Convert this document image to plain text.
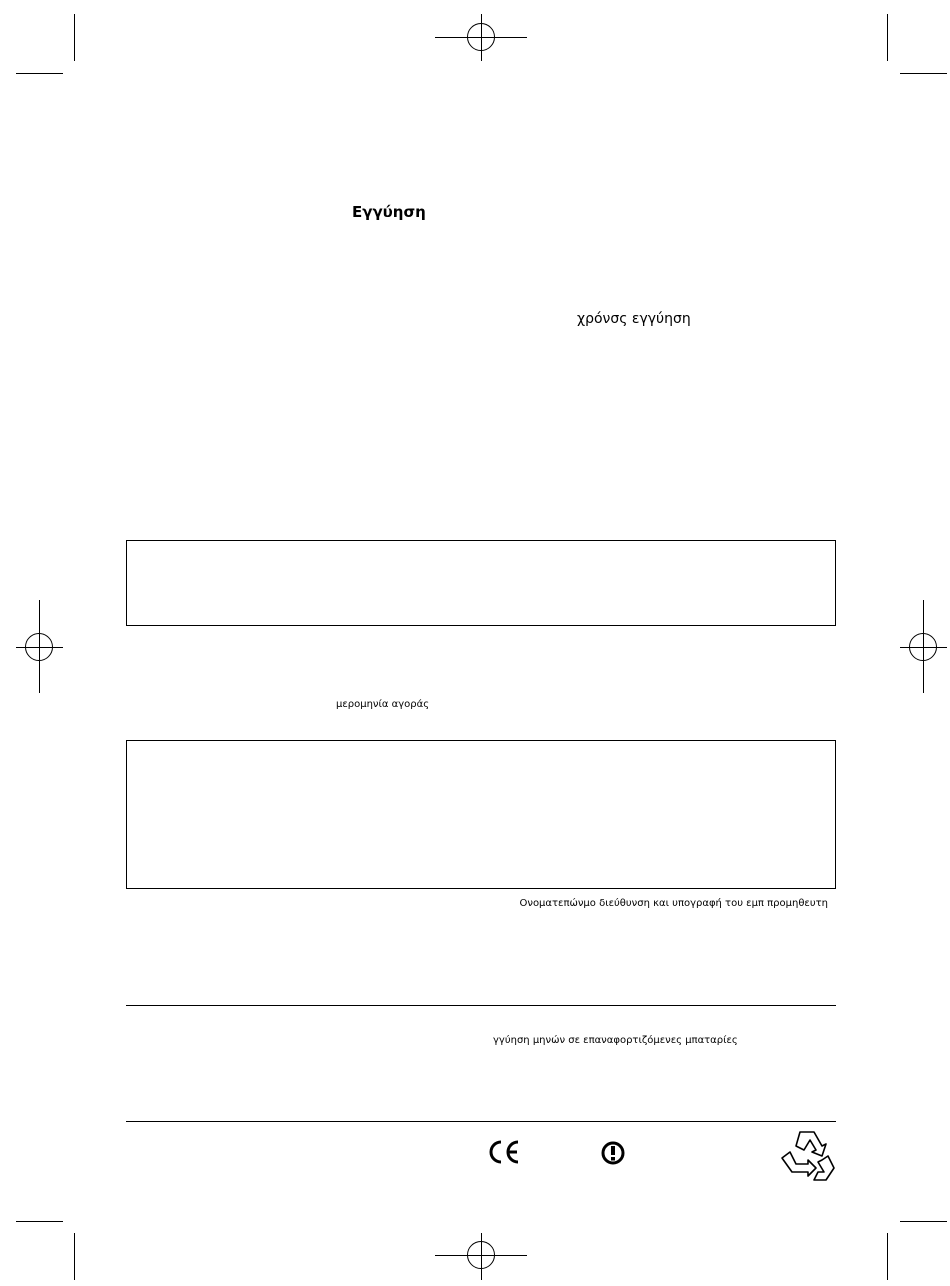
Εγγύηση
χρόνσς εγγύηση
μερομηνία αγοράς
Ονοματεπώνμο διεύθυνση και υπογραφή του εμπ προμηθευτη
γγύηση μηνών σε επαναφορτιζόμενες μπαταρίες
